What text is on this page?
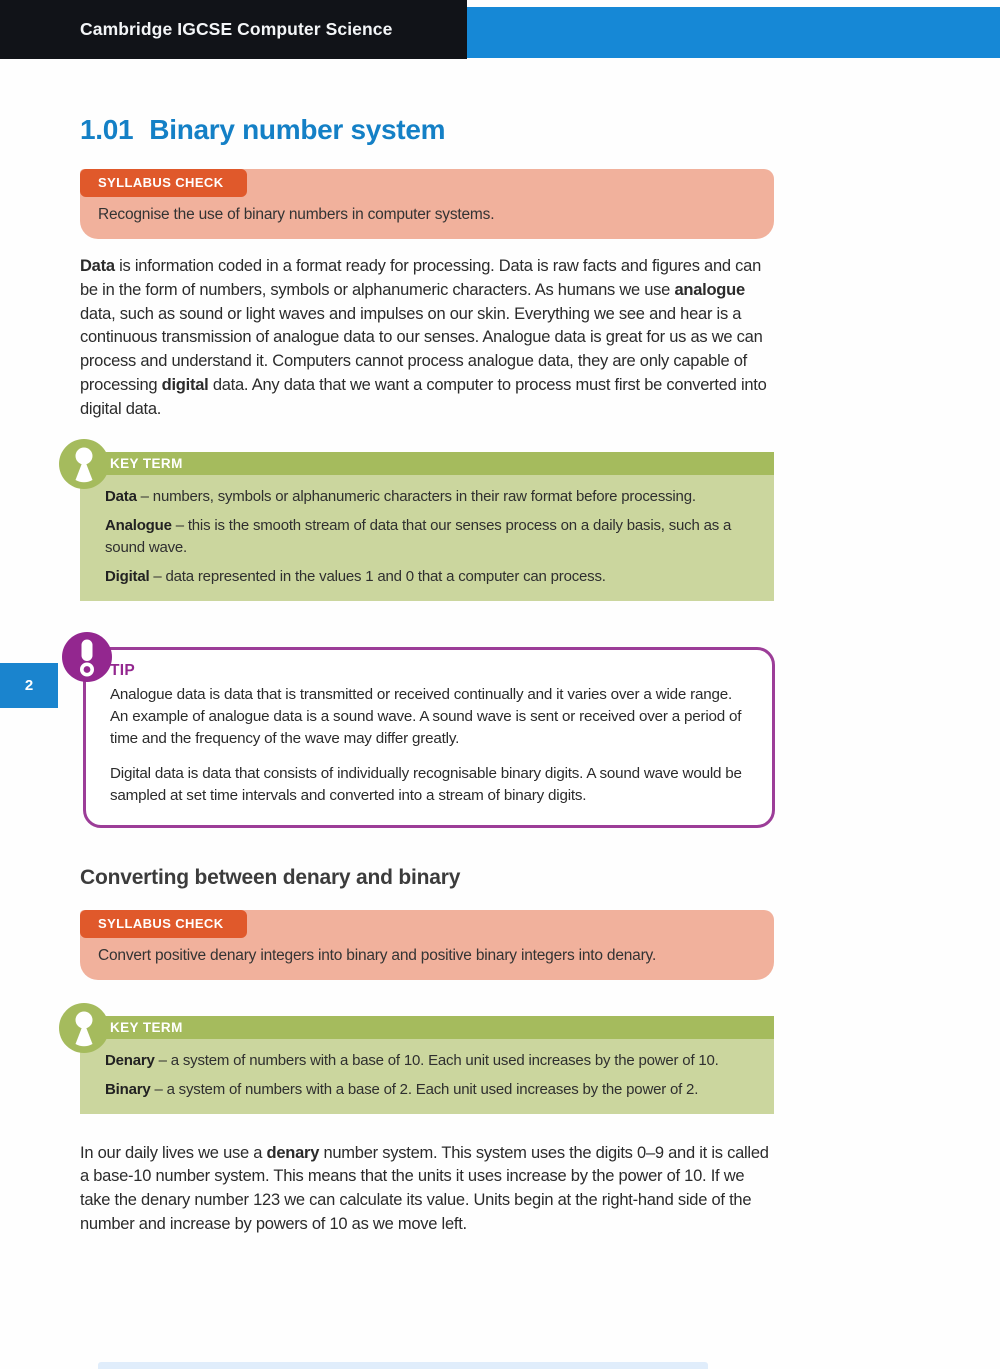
Cambridge IGCSE Computer Science
1.01 Binary number system
SYLLABUS CHECK

Recognise the use of binary numbers in computer systems.

Data is information coded in a format ready for processing. Data is raw facts and figures and can be in the form of numbers, symbols or alphanumeric characters. As humans we use analogue data, such as sound or light waves and impulses on our skin. Everything we see and hear is a continuous transmission of analogue data to our senses. Analogue data is great for us as we can process and understand it. Computers cannot process analogue data, they are only capable of processing digital data. Any data that we want a computer to process must first be converted into digital data.

KEY TERM

Data – numbers, symbols or alphanumeric characters in their raw format before processing.

Analogue – this is the smooth stream of data that our senses process on a daily basis, such as a sound wave.

Digital – data represented in the values 1 and 0 that a computer can process.

TIP

Analogue data is data that is transmitted or received continually and it varies over a wide range. An example of analogue data is a sound wave. A sound wave is sent or received over a period of time and the frequency of the wave may differ greatly.

Digital data is data that consists of individually recognisable binary digits. A sound wave would be sampled at set time intervals and converted into a stream of binary digits.

Converting between denary and binary
SYLLABUS CHECK

Convert positive denary integers into binary and positive binary integers into denary.

KEY TERM

Denary – a system of numbers with a base of 10. Each unit used increases by the power of 10.

Binary – a system of numbers with a base of 2. Each unit used increases by the power of 2.

In our daily lives we use a denary number system. This system uses the digits 0–9 and it is called a base-10 number system. This means that the units it uses increase by the power of 10. If we take the denary number 123 we can calculate its value. Units begin at the right-hand side of the number and increase by powers of 10 as we move left.

2
